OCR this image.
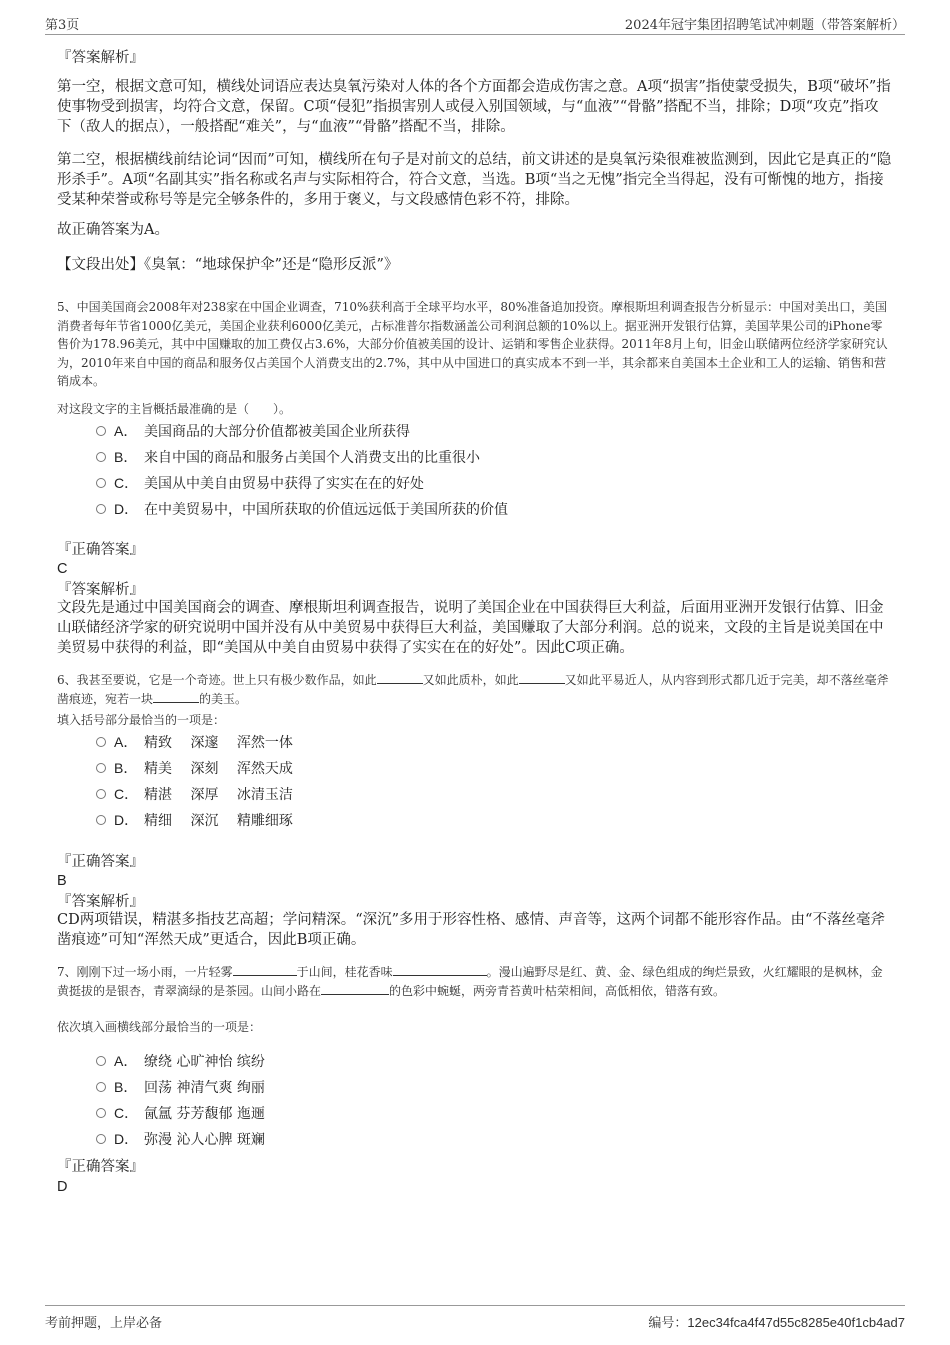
第3页	2024年冠宇集团招聘笔试冲刺题（带答案解析）
『答案解析』
第一空，根据文意可知，横线处词语应表达臭氧污染对人体的各个方面都会造成伤害之意。A项“损害”指使蒙受损失，B项“破坏”指使事物受到损害，均符合文意，保留。C项“侵犯”指损害别人或侵入别国领域，与“血液”“骨骼”搭配不当，排除；D项“攻克”指攻下（敌人的据点），一般搭配“难关”，与“血液”“骨骼”搭配不当，排除。
第二空，根据横线前结论词“因而”可知，横线所在句子是对前文的总结，前文讲述的是臭氧污染很难被监测到，因此它是真正的“隐形杀手”。A项“名副其实”指名称或名声与实际相符合，符合文意，当选。B项“当之无愧”指完全当得起，没有可惭愧的地方，指接受某种荣誉或称号等是完全够条件的，多用于褒义，与文段感情色彩不符，排除。
故正确答案为A。
【文段出处】《臭氧：“地球保护伞”还是“隐形反派”》
5、中国美国商会2008年对238家在中国企业调查，710%获利高于全球平均水平，80%准备追加投资。摩根斯坦利调查报告分析显示：中国对美出口，美国消费者每年节省1000亿美元，美国企业获利6000亿美元，占标准普尔指数涵盖公司利润总额的10%以上。据亚洲开发银行估算，美国苹果公司的iPhone零售价为178.96美元，其中中国赚取的加工费仅占3.6%，大部分价值被美国的设计、运销和零售企业获得。2011年8月上旬，旧金山联储两位经济学家研究认为，2010年来自中国的商品和服务仅占美国个人消费支出的2.7%，其中从中国进口的真实成本不到一半，其余都来自美国本土企业和工人的运输、销售和营销成本。
对这段文字的主旨概括最准确的是（　　）。
A． 美国商品的大部分价值都被美国企业所获得
B． 来自中国的商品和服务占美国个人消费支出的比重很小
C． 美国从中美自由贸易中获得了实实在在的好处
D． 在中美贸易中，中国所获取的价值远远低于美国所获的价值
『正确答案』
C
『答案解析』
文段先是通过中国美国商会的调查、摩根斯坦利调查报告，说明了美国企业在中国获得巨大利益，后面用亚洲开发银行估算、旧金山联储经济学家的研究说明中国并没有从中美贸易中获得巨大利益，美国赚取了大部分利润。总的说来，文段的主旨是说美国在中美贸易中获得的利益，即“美国从中美自由贸易中获得了实实在在的好处”。因此C项正确。
6、我甚至要说，它是一个奇迹。世上只有极少数作品，如此	又如此质朴，如此	又如此平易近人，从内容到形式都几近于完美，却不落丝毫斧凿痕迹，宛若一块	的美玉。
填入括号部分最恰当的一项是：
A． 精致　 深邃　 浑然一体
B． 精美　 深刻　 浑然天成
C． 精湛　 深厚　 冰清玉洁
D． 精细　 深沉　 精雕细琢
『正确答案』
B
『答案解析』
CD两项错误，精湛多指技艺高超；学问精深。“深沉”多用于形容性格、感情、声音等，这两个词都不能形容作品。由“不落丝毫斧凿痕迹”可知“浑然天成”更适合，因此B项正确。
7、刚刚下过一场小雨，一片轻雾	于山间，桂花香味	。漫山遍野尽是红、黄、金、绿色组成的绚烂景致，火红耀眼的是枫林，金黄挺拔的是银杏，青翠滴绿的是茶园。山间小路在	的色彩中蜿蜒，两旁青苔黄叶枯荣相间，高低相依，错落有致。
依次填入画横线部分最恰当的一项是：
A． 缭绕 心旷神怡 缤纷
B． 回荡 神清气爽 绚丽
C． 氤氲 芬芳馥郁 迤逦
D． 弥漫 沁人心脾 斑斓
『正确答案』
D
考前押题，上岸必备	编号：12ec34fca4f47d55c8285e40f1cb4ad7
